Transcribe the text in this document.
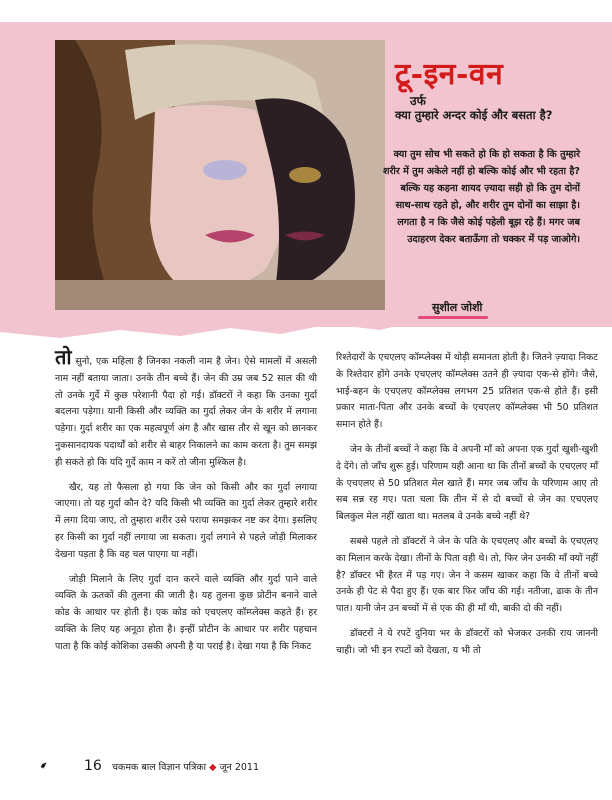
टू-इन-वन
उर्फ
क्या तुम्हारे अन्दर कोई और बसता है?
क्या तुम सोच भी सकते हो कि हो सकता है कि तुम्हारे शरीर में तुम अकेले नहीं हो बल्कि कोई और भी रहता है? बल्कि यह कहना शायद ज़्यादा सही हो कि तुम दोनों साथ-साथ रहते हो, और शरीर तुम दोनों का साझा है। लगता है न कि जैसे कोई पहेली बूझ रहे हैं। मगर जब उदाहरण देकर बताऊँगा तो चक्कर में पड़ जाओगे।
सुशील जोशी

तो सुनो, एक महिला है जिनका नकली नाम है जेन। ऐसे मामलों में असली नाम नहीं बताया जाता। उनके तीन बच्चे हैं। जेन की उम्र जब 52 साल की थी तो उनके गुर्दे में कुछ परेशानी पैदा हो गई। डॉक्टरों ने कहा कि उनका गुर्दा बदलना पड़ेगा। यानी किसी और व्यक्ति का गुर्दा लेकर जेन के शरीर में लगाना पड़ेगा। गुर्दा शरीर का एक महत्वपूर्ण अंग है और खास तौर से खून को छानकर नुकसानदायक पदार्थों को शरीर से बाहर निकालने का काम करता है। तुम समझ ही सकते हो कि यदि गुर्दे काम न करें तो जीना मुश्किल है।

खैर, यह तो फैसला हो गया कि जेन को किसी और का गुर्दा लगाया जाएगा। तो यह गुर्दा कौन दे? यदि किसी भी व्यक्ति का गुर्दा लेकर तुम्हारे शरीर में लगा दिया जाए, तो तुम्हारा शरीर उसे पराया समझकर नष्ट कर देगा। इसलिए हर किसी का गुर्दा नहीं लगाया जा सकता। गुर्दा लगाने से पहले जोड़ी मिलाकर देखना पड़ता है कि वह चल पाएगा या नहीं।

जोड़ी मिलाने के लिए गुर्दा दान करने वाले व्यक्ति और गुर्दा पाने वाले व्यक्ति के ऊतकों की तुलना की जाती है। यह तुलना कुछ प्रोटीन बनाने वाले कोड के आधार पर होती है। एक कोड को एचएलए कॉम्प्लेक्स कहते हैं। हर व्यक्ति के लिए यह अनूठा होता है। इन्हीं प्रोटीन के आधार पर शरीर पहचान पाता है कि कोई कोशिका उसकी अपनी है या पराई है। देखा गया है कि निकट

रिश्तेदारों के एचएलए कॉम्प्लेक्स में थोड़ी समानता होती है। जितने ज़्यादा निकट के रिश्तेदार होंगे उनके एचएलए कॉम्प्लेक्स उतने ही ज़्यादा एक-से होंगे। जैसे, भाई-बहन के एचएलए कॉम्प्लेक्स लगभग 25 प्रतिशत एक-से होते हैं। इसी प्रकार माता-पिता और उनके बच्चों के एचएलए कॉम्प्लेक्स भी 50 प्रतिशत समान होते हैं।

जेन के तीनों बच्चों ने कहा कि वे अपनी माँ को अपना एक गुर्दा खुशी-खुशी दे देंगे। तो जाँच शुरू हुई। परिणाम यही आना था कि तीनों बच्चों के एचएलए माँ के एचएलए से 50 प्रतिशत मेल खाते हैं। मगर जब जाँच के परिणाम आए तो सब सन्न रह गए। पता चला कि तीन में से दो बच्चों से जेन का एचएलए बिलकुल मेल नहीं खाता था। मतलब वे उनके बच्चे नहीं थे?

सबसे पहले तो डॉक्टरों ने जेन के पति के एचएलए और बच्चों के एचएलए का मिलान करके देखा। तीनों के पिता वही थे। तो, फिर जेन उनकी माँ क्यों नहीं है? डॉक्टर भी हैरत में पड़ गए। जेन ने कसम खाकर कहा कि वे तीनों बच्चे उनके ही पेट से पैदा हुए हैं। एक बार फिर जाँच की गई। नतीजा, ढाक के तीन पात। यानी जेन उन बच्चों में से एक की ही माँ थी, बाकी दो की नहीं।

डॉक्टरों ने ये रपटें दुनिया भर के डॉक्टरों को भेजकर उनकी राय जाननी चाही। जो भी इन रपटों को देखता, य भी तो

16 चकमक बाल विज्ञान पत्रिका ◆ जून 2011
